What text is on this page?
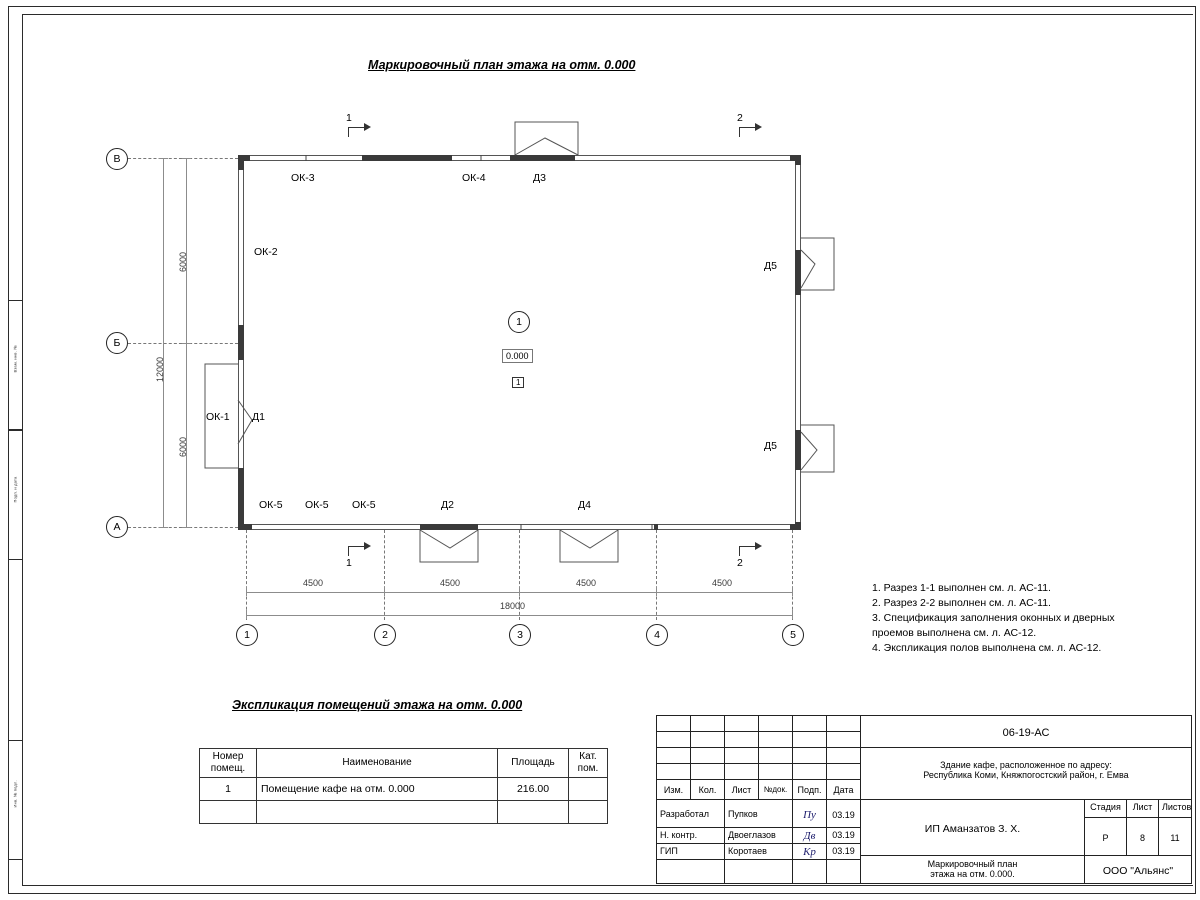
Взам. инв. №
Подп. и дата
Инв. № подл.
Маркировочный план этажа на отм. 0.000
Экспликация помещений этажа на отм. 0.000
ОК-3	ОК-4
ОК-2
ОК-1
ОК-5 ОК-5 ОК-5
Д3
Д5
Д5
Д1
Д2	Д4
1
0.000
1
В
Б
А
1	2	3	4	5
4500	4500	4500	4500
18000
6000
6000
12000
1	2
1	2
1. Разрез 1-1 выполнен см. л. АС-11.
2. Разрез 2-2 выполнен см. л. АС-11.
3. Спецификация заполнения оконных и дверных
проемов выполнена см. л. АС-12.
4. Экспликация полов выполнена см. л. АС-12.
Номер помещ.	Наименование	Площадь	Кат. пом.
1	Помещение кафе на отм. 0.000	216.00	
				Изм.	Кол.	Лист	№док.	Подп.	Дата
Разработал	Пупков	Пу	03.19
Н. контр.	Двоеглазов	Дв	03.19
ГИП	Коротаев	Кр	03.19
06-19-АС
Здание кафе, расположенное по адресу:
Республика Коми, Княжпогостский район, г. Емва
ИП Аманзатов З. Х.
Стадия	Лист	Листов
Р	8	11
Маркировочный план
этажа на отм. 0.000.	ООО "Альянс"
